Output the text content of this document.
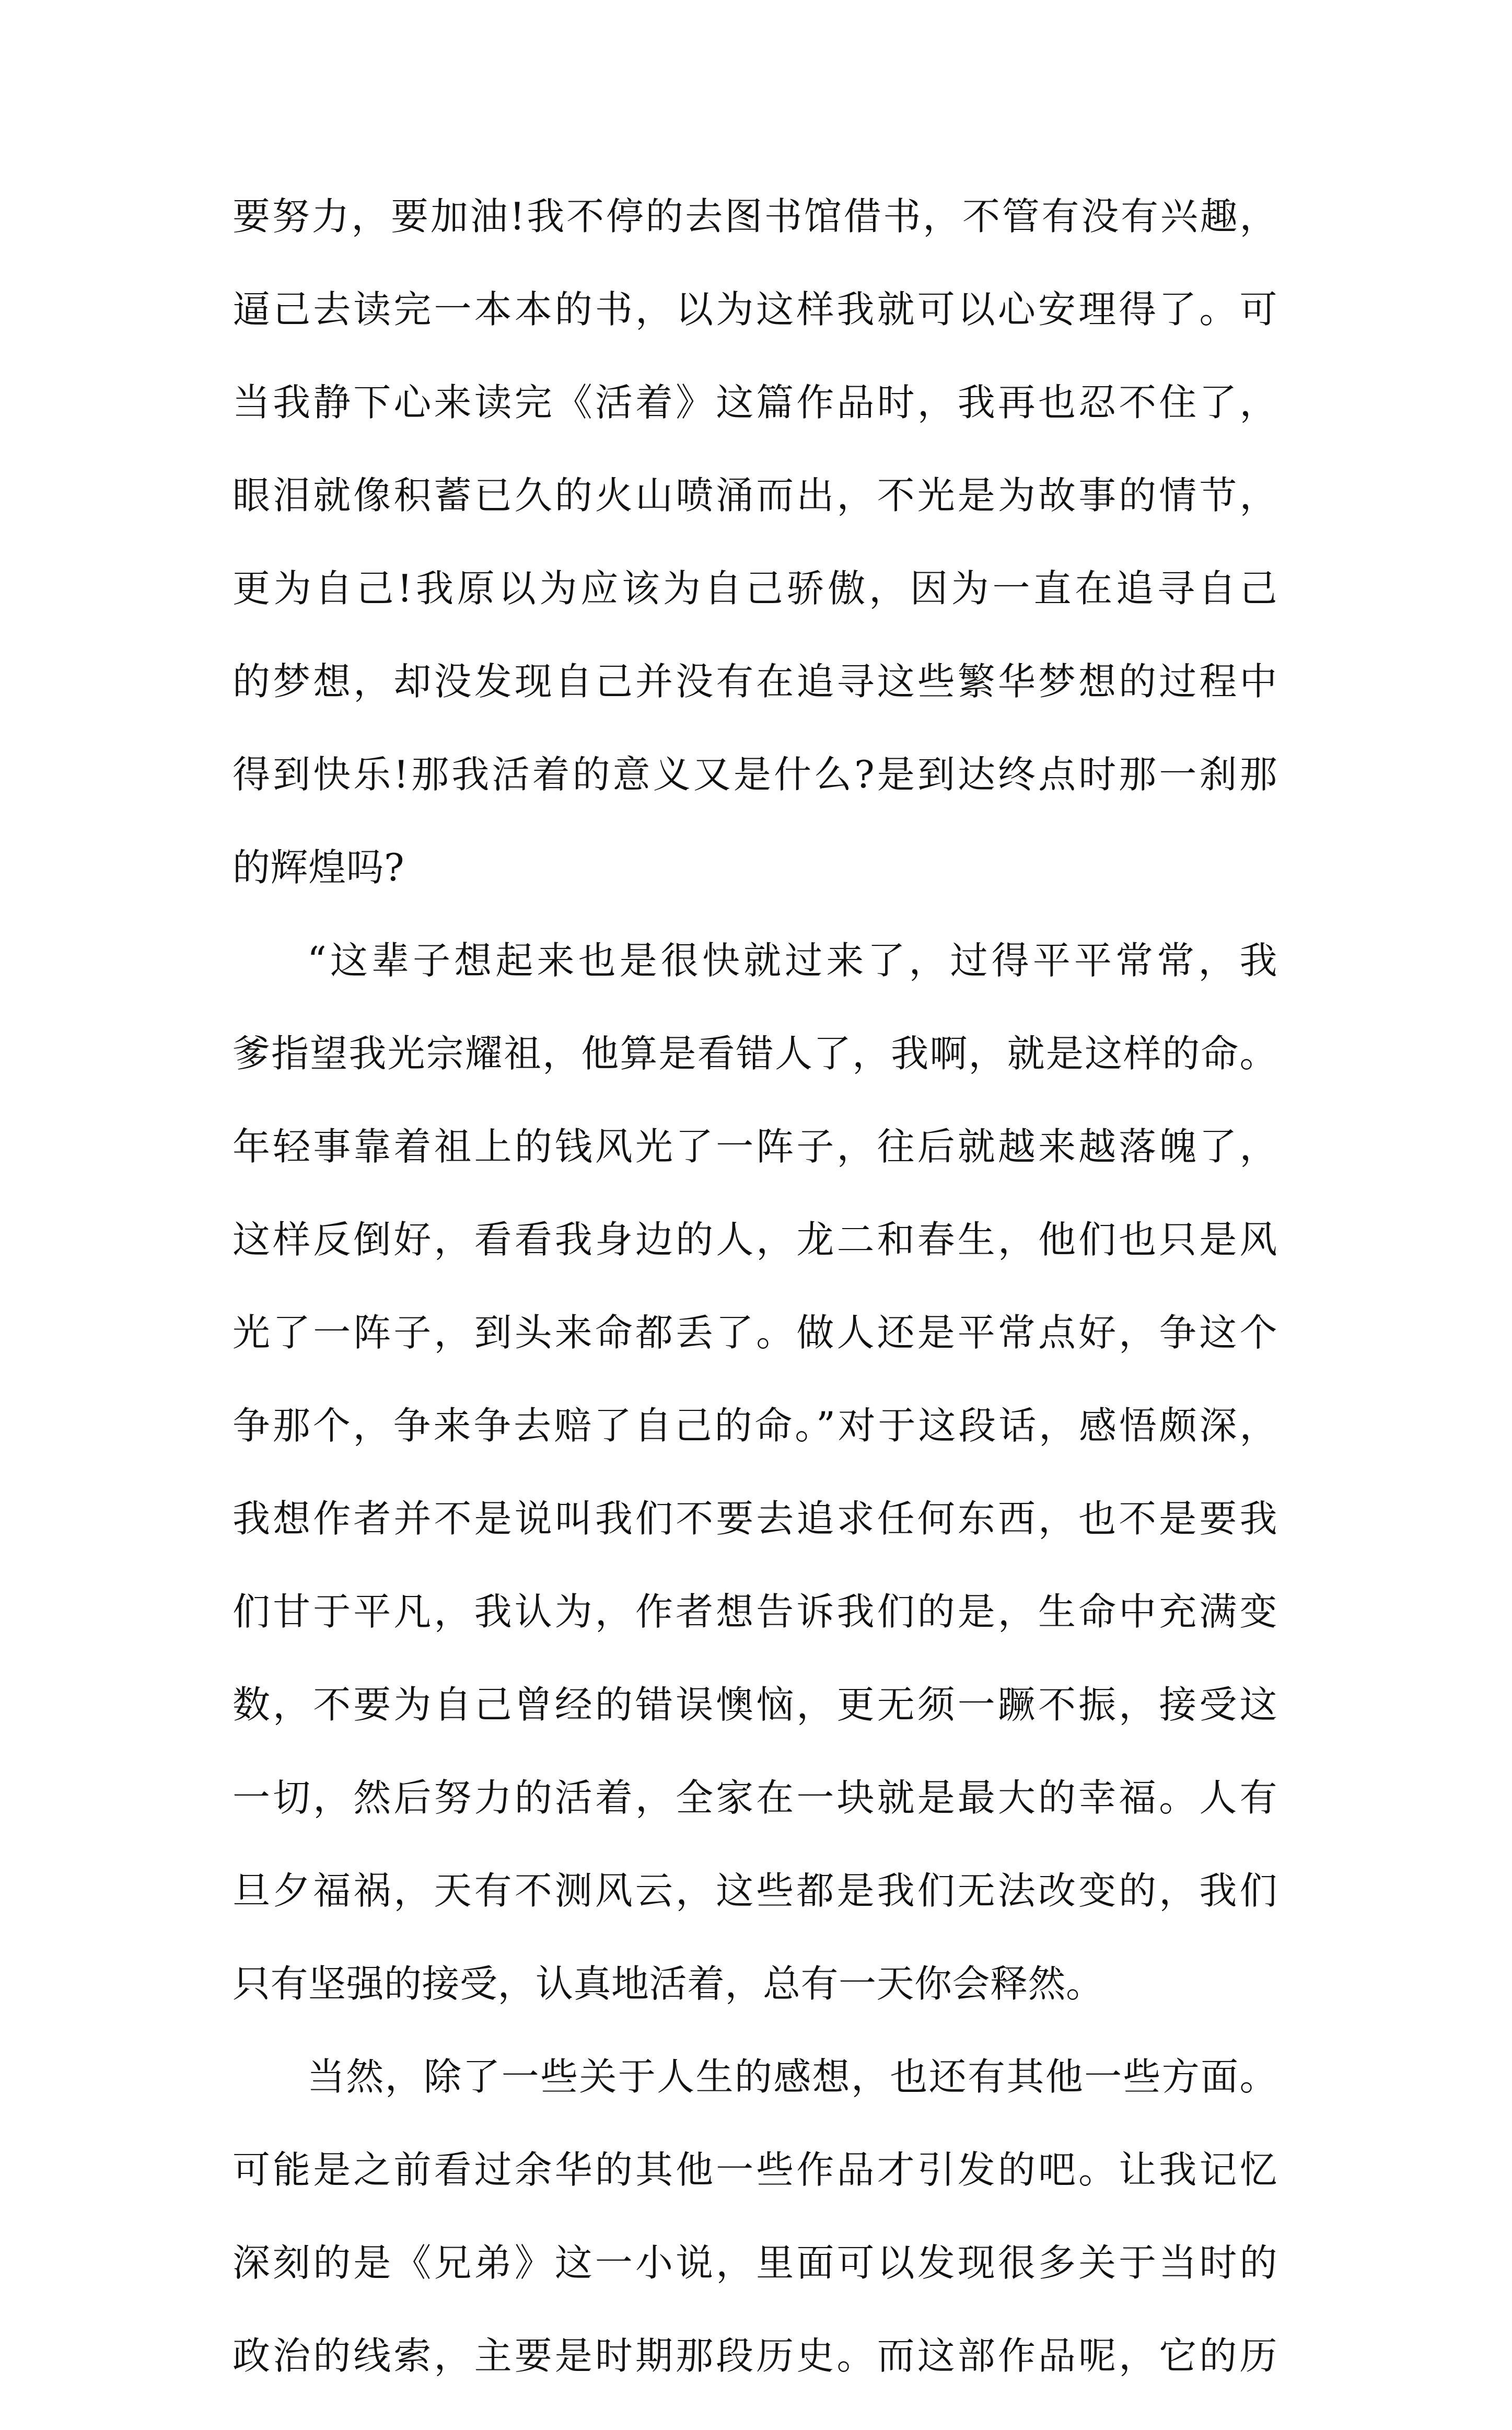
要努力，要加油!我不停的去图书馆借书，不管有没有兴趣，
逼己去读完一本本的书，以为这样我就可以心安理得了。可
当我静下心来读完《活着》这篇作品时，我再也忍不住了，
眼泪就像积蓄已久的火山喷涌而出，不光是为故事的情节，
更为自己!我原以为应该为自己骄傲，因为一直在追寻自己
的梦想，却没发现自己并没有在追寻这些繁华梦想的过程中
得到快乐!那我活着的意义又是什么?是到达终点时那一刹那
的辉煌吗?
“这辈子想起来也是很快就过来了，过得平平常常，我
爹指望我光宗耀祖，他算是看错人了，我啊，就是这样的命。
年轻事靠着祖上的钱风光了一阵子，往后就越来越落魄了，
这样反倒好，看看我身边的人，龙二和春生，他们也只是风
光了一阵子，到头来命都丢了。做人还是平常点好，争这个
争那个，争来争去赔了自己的命。”对于这段话，感悟颇深，
我想作者并不是说叫我们不要去追求任何东西，也不是要我
们甘于平凡，我认为，作者想告诉我们的是，生命中充满变
数，不要为自己曾经的错误懊恼，更无须一蹶不振，接受这
一切，然后努力的活着，全家在一块就是最大的幸福。人有
旦夕福祸，天有不测风云，这些都是我们无法改变的，我们
只有坚强的接受，认真地活着，总有一天你会释然。
当然，除了一些关于人生的感想，也还有其他一些方面。
可能是之前看过余华的其他一些作品才引发的吧。让我记忆
深刻的是《兄弟》这一小说，里面可以发现很多关于当时的
政治的线索，主要是时期那段历史。而这部作品呢，它的历
